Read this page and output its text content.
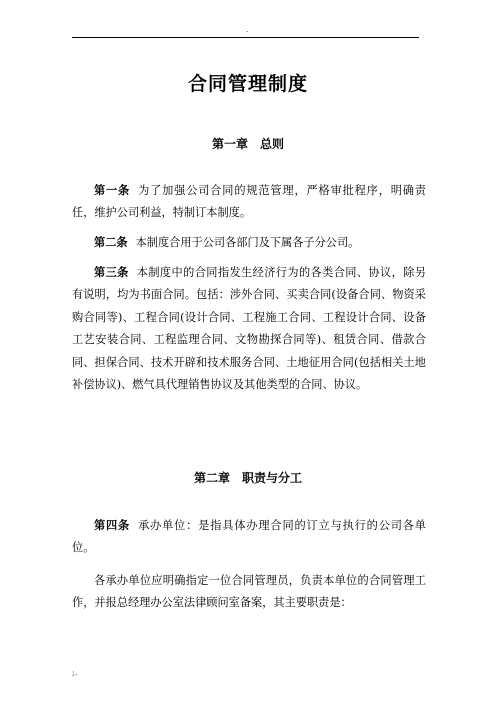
.
合同管理制度
第一章　总则
第一条 为了加强公司合同的规范管理，严格审批程序，明确责任，维护公司利益，特制订本制度。
第二条 本制度合用于公司各部门及下属各子分公司。
第三条 本制度中的合同指发生经济行为的各类合同、协议，除另有说明，均为书面合同。包括：涉外合同、买卖合同(设备合同、物资采购合同等)、工程合同(设计合同、工程施工合同、工程设计合同、设备工艺安装合同、工程监理合同、文物勘探合同等)、租赁合同、借款合同、担保合同、技术开辟和技术服务合同、土地征用合同(包括相关土地补偿协议)、燃气具代理销售协议及其他类型的合同、协议。
第二章　职责与分工
第四条 承办单位：是指具体办理合同的订立与执行的公司各单位。
各承办单位应明确指定一位合同管理员，负责本单位的合同管理工作，并报总经理办公室法律顾问室备案，其主要职责是：
;.
